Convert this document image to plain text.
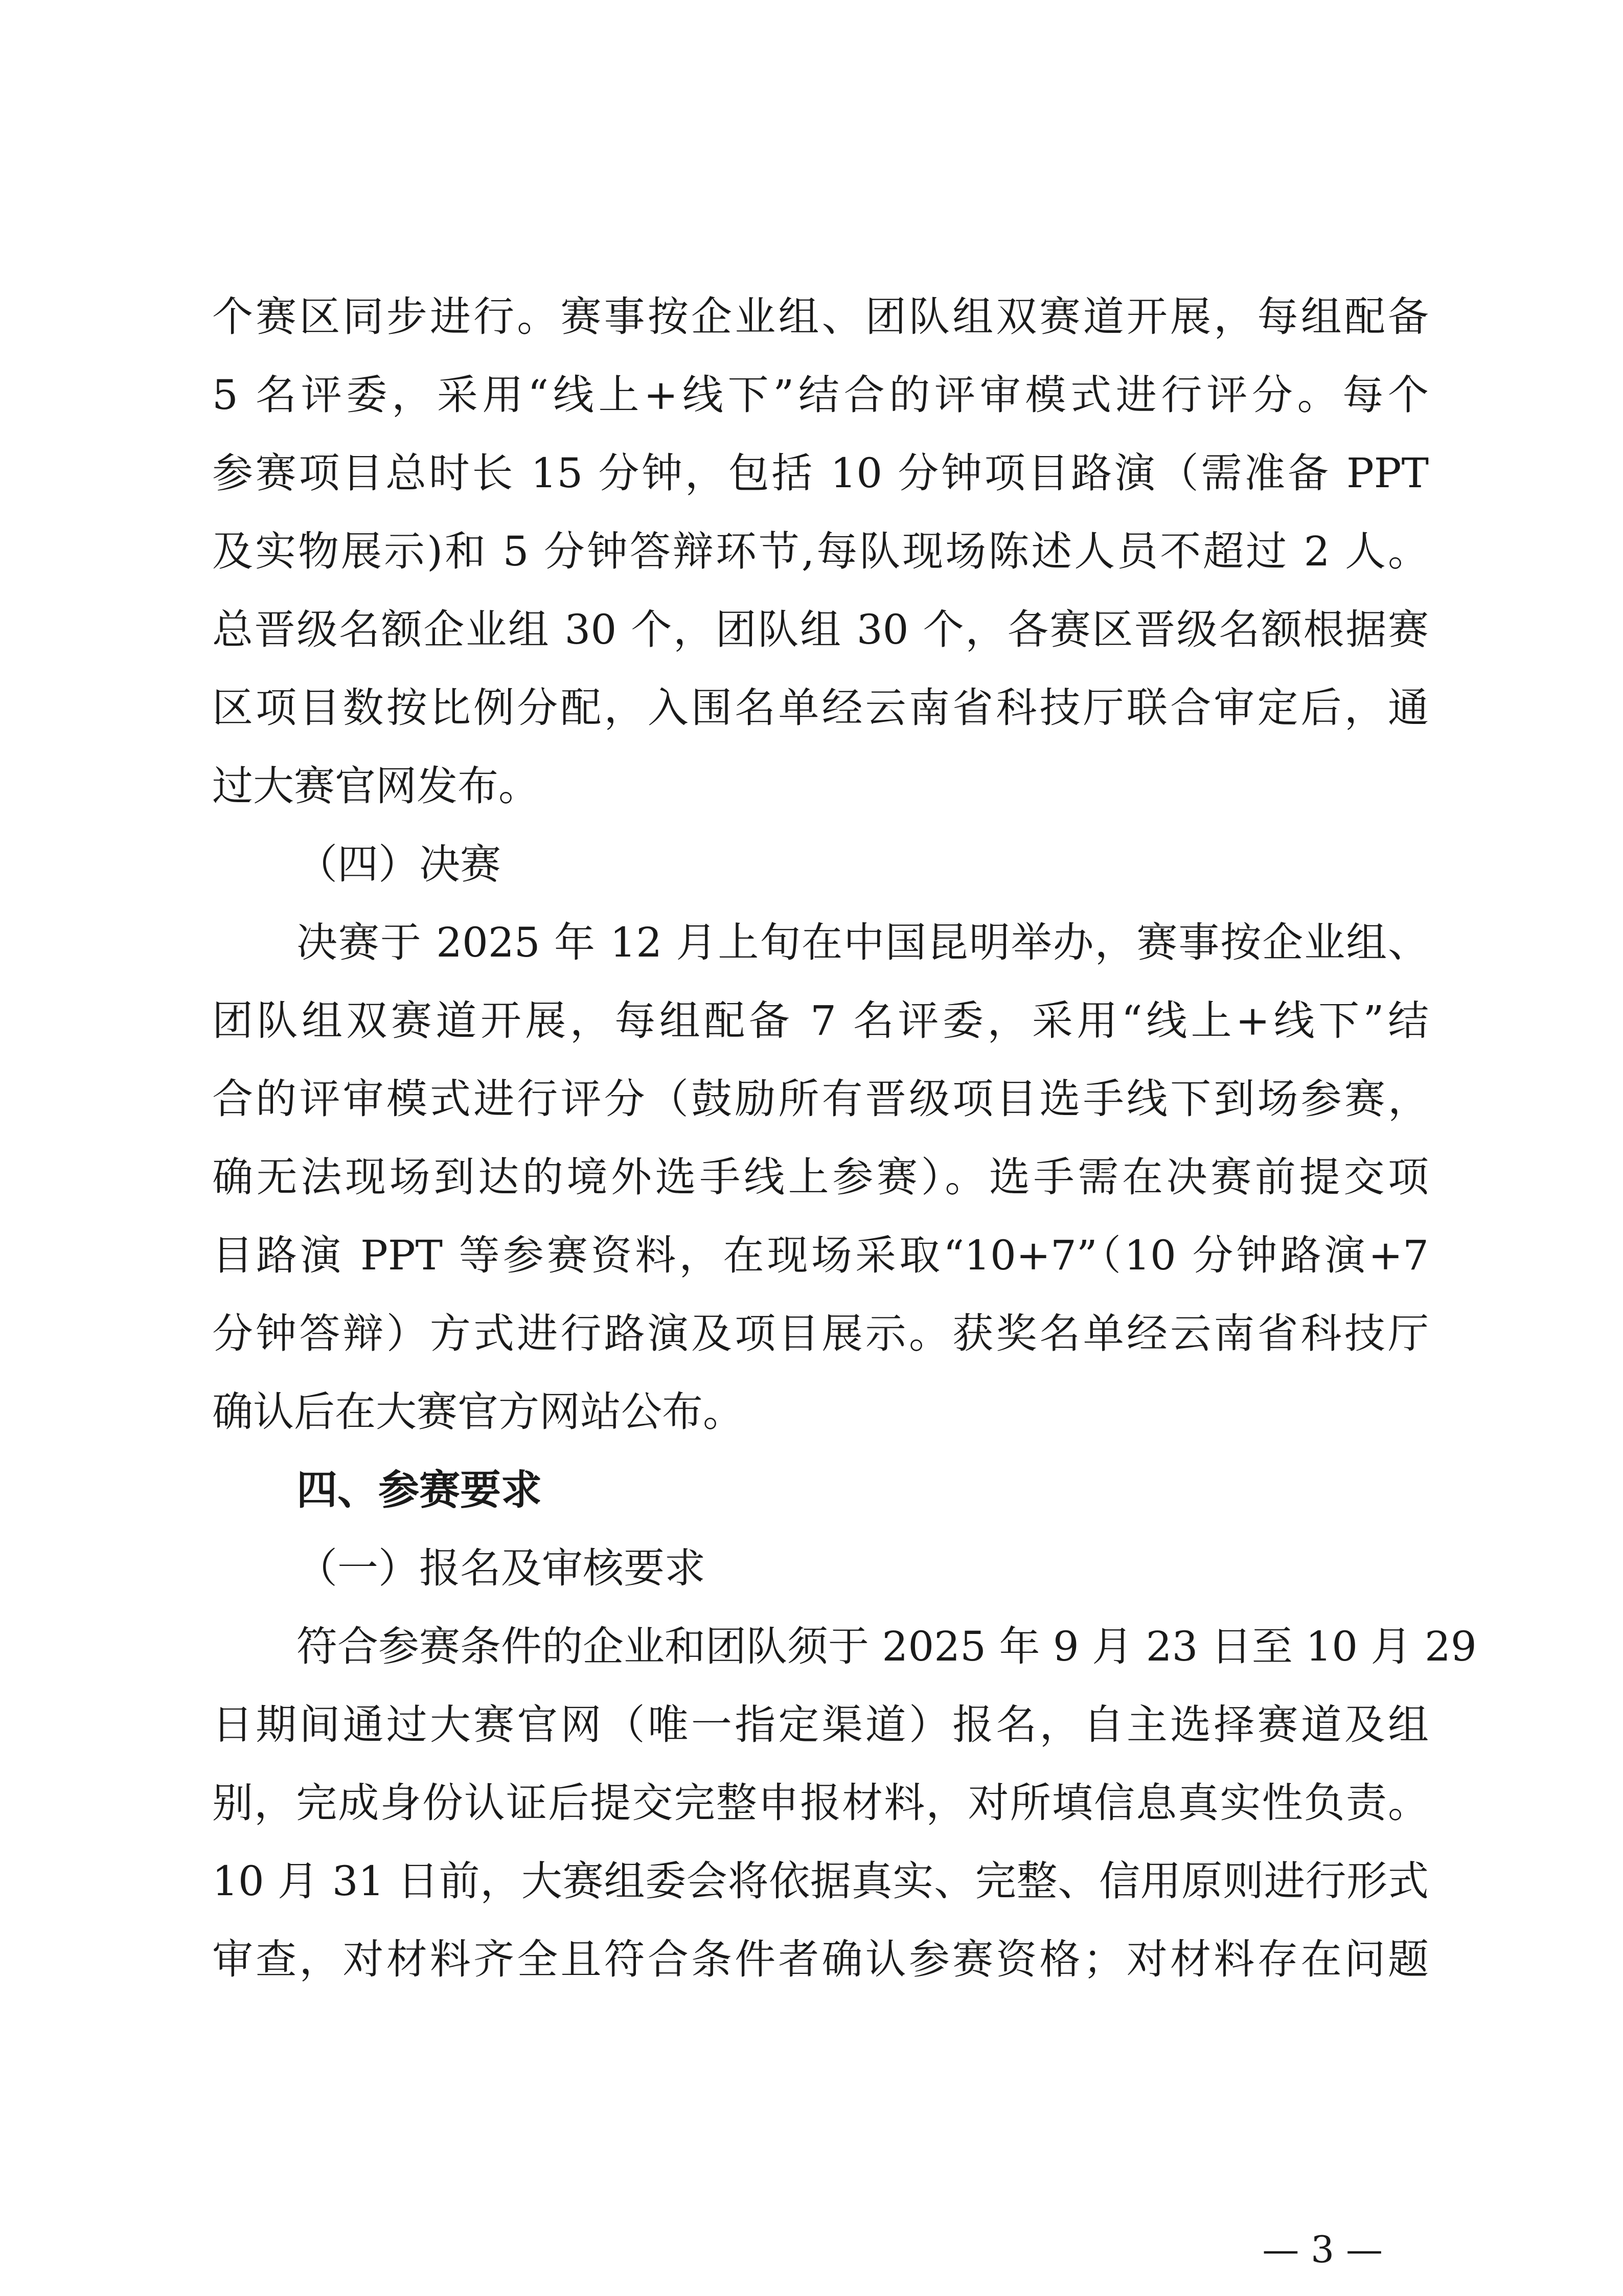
个赛区同步进行。赛事按企业组、团队组双赛道开展，每组配备
5 名评委，采用“线上+线下”结合的评审模式进行评分。每个
参赛项目总时长 15 分钟，包括 10 分钟项目路演（需准备 PPT
及实物展示)和 5 分钟答辩环节,每队现场陈述人员不超过 2 人。
总晋级名额企业组 30 个，团队组 30 个，各赛区晋级名额根据赛
区项目数按比例分配，入围名单经云南省科技厅联合审定后，通
过大赛官网发布。
（四）决赛
决赛于 2025 年 12 月上旬在中国昆明举办，赛事按企业组、
团队组双赛道开展，每组配备 7 名评委，采用“线上+线下”结
合的评审模式进行评分（鼓励所有晋级项目选手线下到场参赛，
确无法现场到达的境外选手线上参赛）。选手需在决赛前提交项
目路演 PPT 等参赛资料，在现场采取“10+7”（10 分钟路演+7
分钟答辩）方式进行路演及项目展示。获奖名单经云南省科技厅
确认后在大赛官方网站公布。
四、参赛要求
（一）报名及审核要求
符合参赛条件的企业和团队须于 2025 年 9 月 23 日至 10 月 29
日期间通过大赛官网（唯一指定渠道）报名，自主选择赛道及组
别，完成身份认证后提交完整申报材料，对所填信息真实性负责。
10 月 31 日前，大赛组委会将依据真实、完整、信用原则进行形式
审查，对材料齐全且符合条件者确认参赛资格；对材料存在问题
— 3 —
